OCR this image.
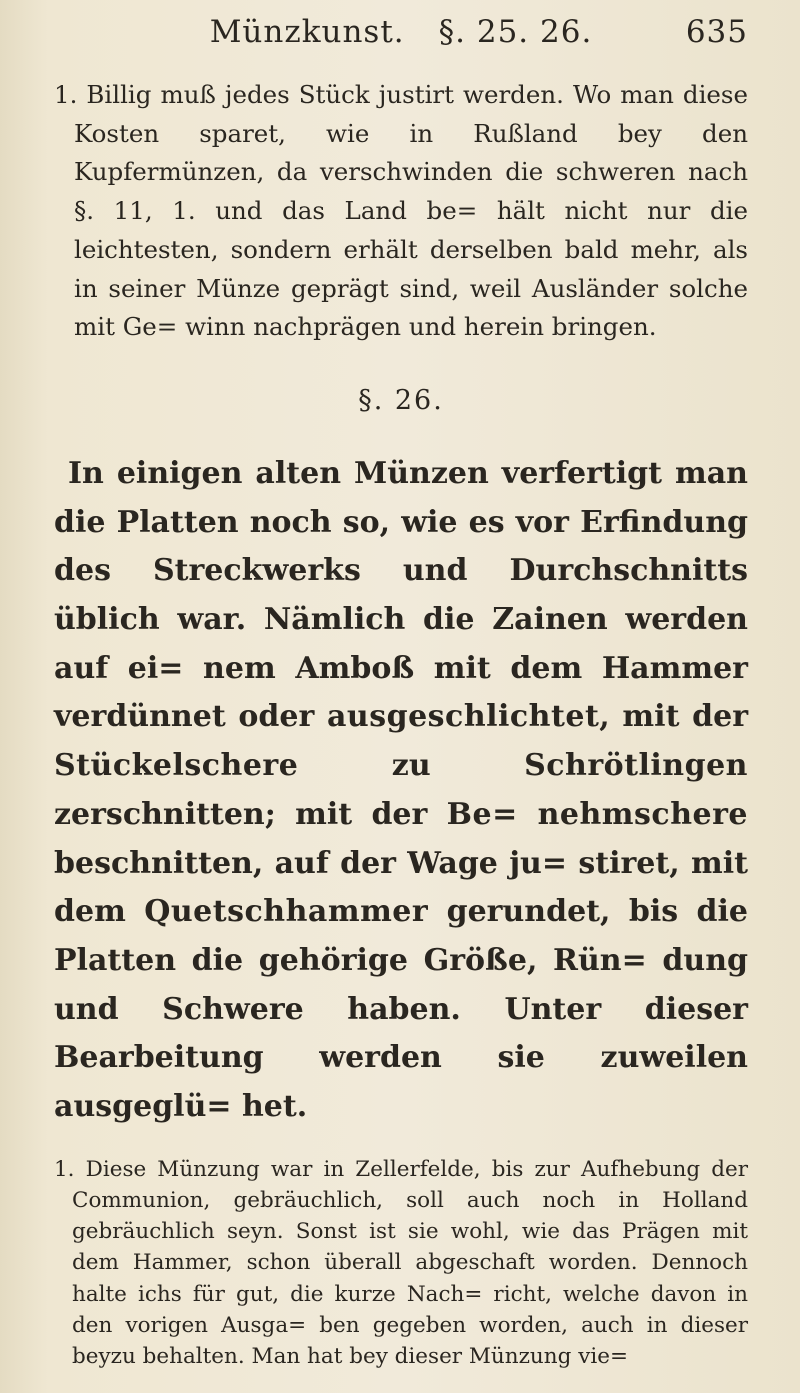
Münzkunst. §. 25. 26.	635

1. Billig muß jedes Stück justirt werden. Wo man diese Kosten sparet, wie in Rußland bey den Kupfermünzen, da verschwinden die schweren nach §. 11, 1. und das Land be= hält nicht nur die leichtesten, sondern erhält derselben bald mehr, als in seiner Münze geprägt sind, weil Ausländer solche mit Ge= winn nachprägen und herein bringen.

§. 26.

In einigen alten Münzen verfertigt man die Platten noch so, wie es vor Erfindung des Streckwerks und Durchschnitts üblich war. Nämlich die Zainen werden auf ei= nem Amboß mit dem Hammer verdünnet oder ausgeschlichtet, mit der Stückelschere zu Schrötlingen zerschnitten; mit der Be= nehmschere beschnitten, auf der Wage ju= stiret, mit dem Quetschhammer gerundet, bis die Platten die gehörige Größe, Rün= dung und Schwere haben. Unter dieser Bearbeitung werden sie zuweilen ausgeglü= het.

1. Diese Münzung war in Zellerfelde, bis zur Aufhebung der Communion, gebräuchlich, soll auch noch in Holland gebräuchlich seyn. Sonst ist sie wohl, wie das Prägen mit dem Hammer, schon überall abgeschaft worden. Dennoch halte ichs für gut, die kurze Nach= richt, welche davon in den vorigen Ausga= ben gegeben worden, auch in dieser beyzu behalten. Man hat bey dieser Münzung vie=
